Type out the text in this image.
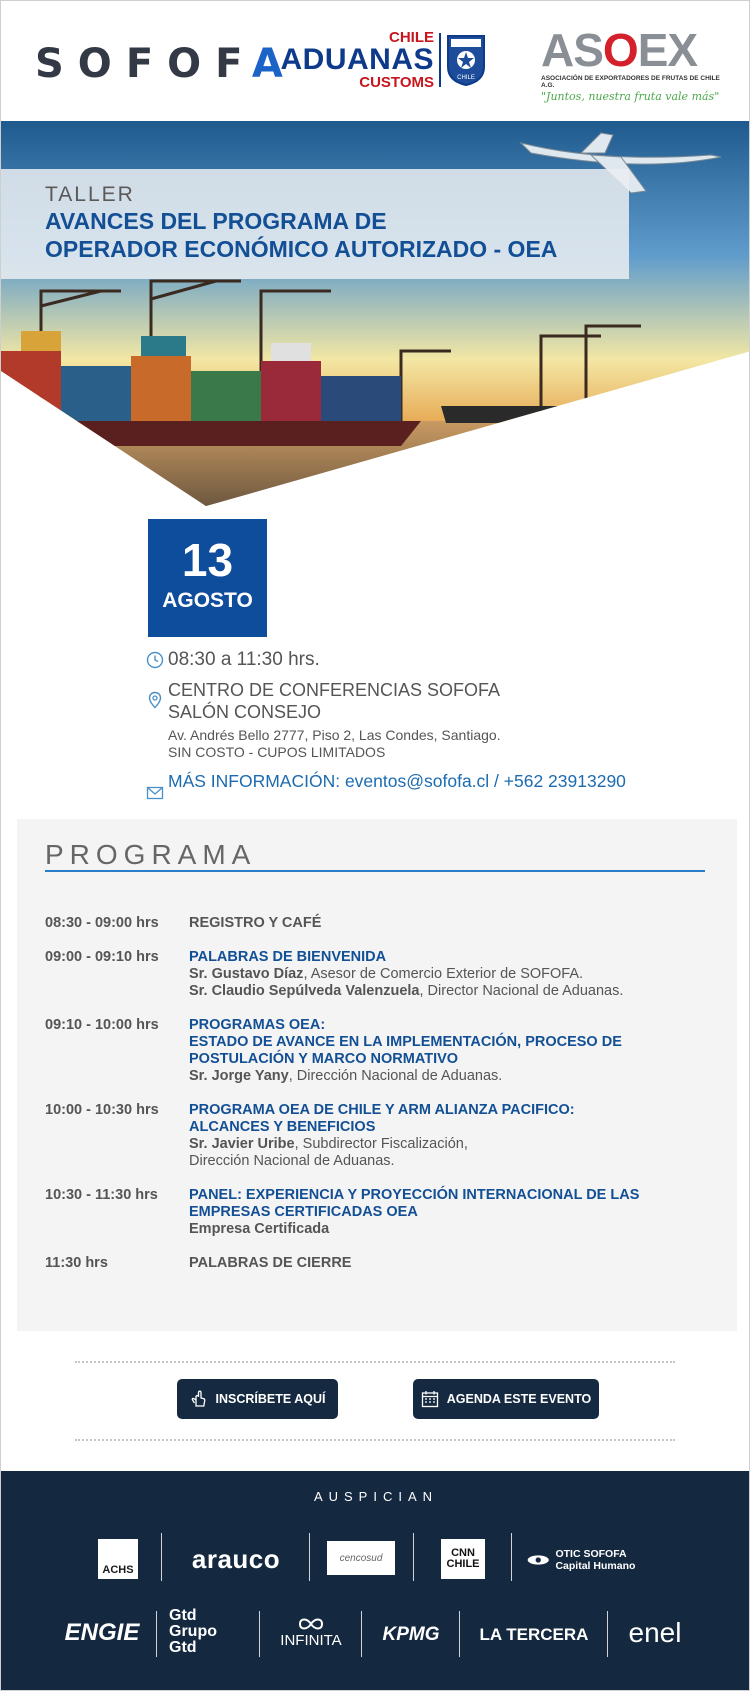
SOFOFA
CHILE
ADUANAS
CUSTOMS	CHILE
ASOEX
ASOCIACIÓN DE EXPORTADORES DE FRUTAS DE CHILE A.G.
"Juntos, nuestra fruta vale más"
TALLER
AVANCES DEL PROGRAMA DE
OPERADOR ECONÓMICO AUTORIZADO - OEA
13
AGOSTO
08:30 a 11:30 hrs.
CENTRO DE CONFERENCIAS SOFOFA
SALÓN CONSEJO
Av. Andrés Bello 2777, Piso 2, Las Condes, Santiago.
SIN COSTO - CUPOS LIMITADOS
MÁS INFORMACIÓN: eventos@sofofa.cl / +562 23913290
PROGRAMA
08:30 - 09:00 hrs REGISTRO Y CAFÉ
09:00 - 09:10 hrs PALABRAS DE BIENVENIDA
Sr. Gustavo Díaz, Asesor de Comercio Exterior de SOFOFA.
Sr. Claudio Sepúlveda Valenzuela, Director Nacional de Aduanas.
09:10 - 10:00 hrs PROGRAMAS OEA:
ESTADO DE AVANCE EN LA IMPLEMENTACIÓN, PROCESO DE POSTULACIÓN Y MARCO NORMATIVO
Sr. Jorge Yany, Dirección Nacional de Aduanas.
10:00 - 10:30 hrs PROGRAMA OEA DE CHILE Y ARM ALIANZA PACIFICO:
ALCANCES Y BENEFICIOS
Sr. Javier Uribe, Subdirector Fiscalización,
Dirección Nacional de Aduanas.
10:30 - 11:30 hrs PANEL: EXPERIENCIA Y PROYECCIÓN INTERNACIONAL DE LAS EMPRESAS CERTIFICADAS OEA
Empresa Certificada
11:30 hrs	PALABRAS DE CIERRE
INSCRÍBETE AQUÍ	AGENDA ESTE EVENTO
AUSPICIAN
ACHS arauco	cencosud	CNN CHILE
OTIC SOFOFA Capital Humano
ENGIE
Gtd Grupo Gtd	INFINITA KPMG LA TERCERA enel
